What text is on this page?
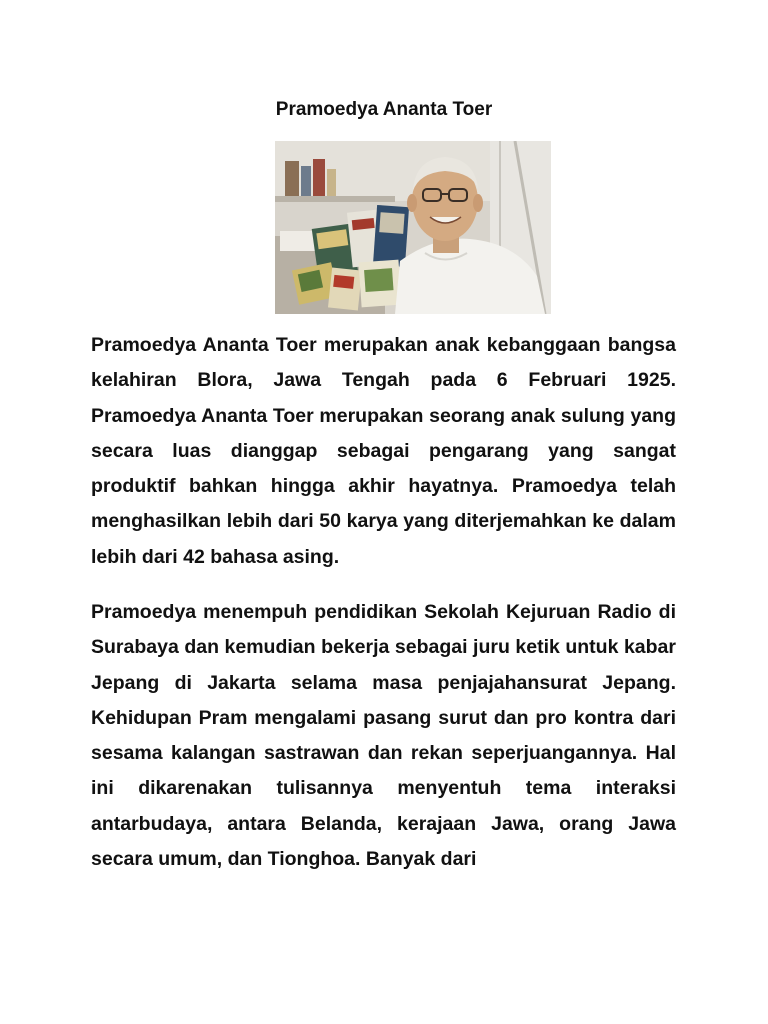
Pramoedya Ananta Toer

Pramoedya Ananta Toer merupakan anak kebanggaan bangsa kelahiran Blora, Jawa Tengah pada 6 Februari 1925. Pramoedya Ananta Toer merupakan seorang anak sulung yang secara luas dianggap sebagai pengarang yang sangat produktif bahkan hingga akhir hayatnya. Pramoedya telah menghasilkan lebih dari 50 karya yang diterjemahkan ke dalam lebih dari 42 bahasa asing.

Pramoedya menempuh pendidikan Sekolah Kejuruan Radio di Surabaya dan kemudian bekerja sebagai juru ketik untuk kabar Jepang di Jakarta selama masa penjajahansurat Jepang. Kehidupan Pram mengalami pasang surut dan pro kontra dari sesama kalangan sastrawan dan rekan seperjuangannya. Hal ini dikarenakan tulisannya menyentuh tema interaksi antarbudaya, antara Belanda, kerajaan Jawa, orang Jawa secara umum, dan Tionghoa. Banyak dari
